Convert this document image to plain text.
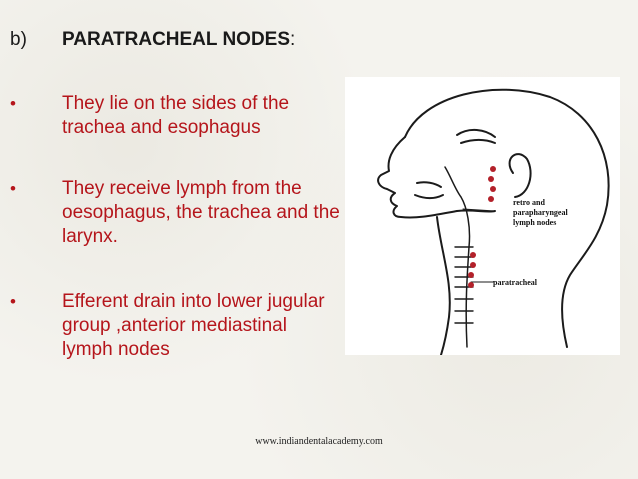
b)	PARATRACHEAL NODES :
•	They lie on the sides of the trachea and esophagus
•	They receive lymph from the oesophagus, the trachea and the larynx.
•	Efferent drain into lower jugular group ,anterior mediastinal lymph nodes
retro and
parapharyngeal
lymph nodes
paratracheal
www.indiandentalacademy.com
